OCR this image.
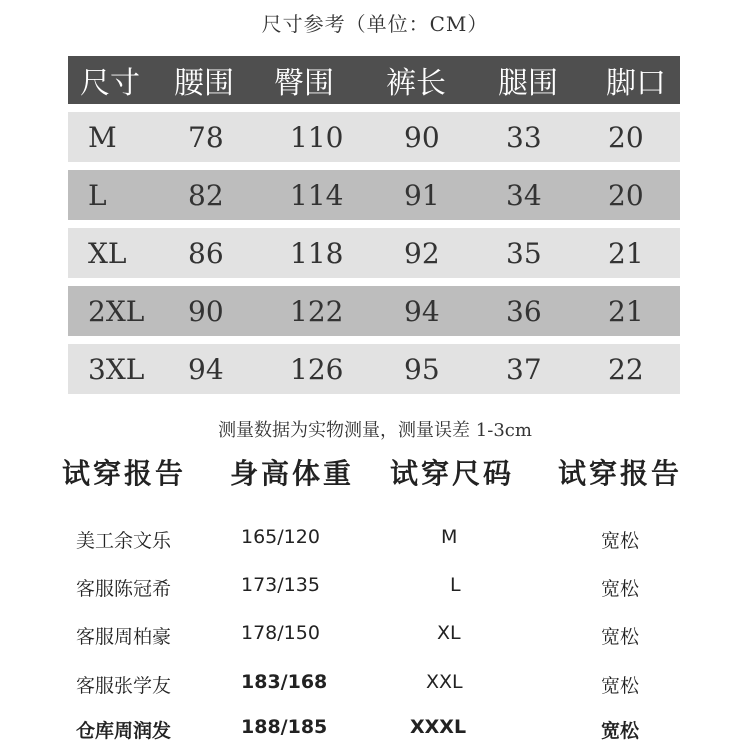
尺寸参考（单位：CM）
尺寸 腰围 臀围 裤长 腿围 脚口
M	78 110 90 33 20
L	82 114 91 34 20
XL 86 118 92 35 21
2XL 90 122 94 36 21
3XL 94 126 95 37 22
测量数据为实物测量，测量误差 1-3cm
试穿报告 身高体重 试穿尺码 试穿报告
美工余文乐	165/120	M	宽松
客服陈冠希	173/135	L	宽松
客服周柏豪	178/150	XL	宽松
客服张学友	183/168	XXL	宽松
仓库周润发	188/185	XXXL	宽松
